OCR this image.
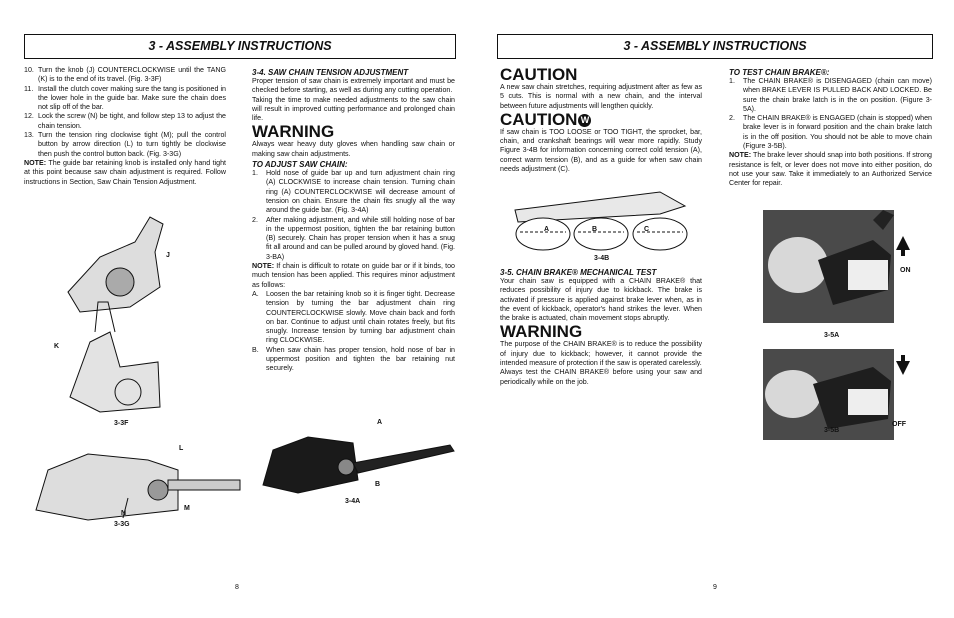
3 - ASSEMBLY INSTRUCTIONS	3 - ASSEMBLY INSTRUCTIONS
10. Turn the knob (J) COUNTERCLOCKWISE until the TANG (K) is to the end of its travel. (Fig. 3-3F)
11. Install the clutch cover making sure the tang is positioned in the lower hole in the guide bar. Make sure the chain does not slip off of the bar.
12. Lock the screw (N) be tight, and follow step 13 to adjust the chain tension.
13. Turn the tension ring clockwise tight (M); pull the control button by arrow direction (L) to turn tightly be clockwise then push the control button back. (Fig. 3-3G)
NOTE: The guide bar retaining knob is installed only hand tight at this point because saw chain adjustment is required. Follow instructions in Section, Saw Chain Tension Adjustment.
J
K
3-3F
L
M
N
3-3G
8
3-4. SAW CHAIN TENSION ADJUSTMENT
Proper tension of saw chain is extremely important and must be checked before starting, as well as during any cutting operation.
Taking the time to make needed adjustments to the saw chain will result in improved cutting performance and prolonged chain life.
WARNING
Always wear heavy duty gloves when handling saw chain or making saw chain adjustments.
TO ADJUST SAW CHAIN:
1.	Hold nose of guide bar up and turn adjustment chain ring (A) CLOCKWISE to increase chain tension. Turning chain ring (A) COUNTERCLOCKWISE will decrease amount of tension on chain. Ensure the chain fits snugly all the way around the guide bar. (Fig. 3-4A)
2.	After making adjustment, and while still holding nose of bar in the uppermost position, tighten the bar retaining button (B) securely. Chain has proper tension when it has a snug fit all around and can be pulled around by gloved hand. (Fig. 3-BA)
NOTE: If chain is difficult to rotate on guide bar or if it binds, too much tension has been applied. This requires minor adjustment as follows:
A.	Loosen the bar retaining knob so it is finger tight. Decrease tension by turning the bar adjustment chain ring COUNTERCLOCKWISE slowly. Move chain back and forth on bar. Continue to adjust until chain rotates freely, but fits snugly. Increase tension by turning bar adjustment chain ring CLOCKWISE.
B.	When saw chain has proper tension, hold nose of bar in uppermost position and tighten the bar retaining nut securely.
A
B
3-4A
CAUTION
A new saw chain stretches, requiring adjustment after as few as 5 cuts. This is normal with a new chain, and the interval between future adjustments will lengthen quickly.
CAUTION W
If saw chain is TOO LOOSE or TOO TIGHT, the sprocket, bar, chain, and crankshaft bearings will wear more rapidly. Study Figure 3-4B for information concerning correct cold tension (A), correct warm tension (B), and as a guide for when saw chain needs adjustment (C).
A	B	C
3-4B
3-5. CHAIN BRAKE® MECHANICAL TEST
Your chain saw is equipped with a CHAIN BRAKE® that reduces possibility of injury due to kickback. The brake is activated if pressure is applied against brake lever when, as in the event of kickback, operator's hand strikes the lever. When the brake is actuated, chain movement stops abruptly.
WARNING
The purpose of the CHAIN BRAKE® is to reduce the possibility of injury due to kickback; however, it cannot provide the intended measure of protection if the saw is operated carelessly.
Always test the CHAIN BRAKE® before using your saw and periodically while on the job.
9
TO TEST CHAIN BRAKE®:
1.	The CHAIN BRAKE® is DISENGAGED (chain can move) when BRAKE LEVER IS PULLED BACK AND LOCKED. Be sure the chain brake latch is in the on position. (Figure 3-5A).
2.	The CHAIN BRAKE® is ENGAGED (chain is stopped) when brake lever is in forward position and the chain brake latch is in the off position. You should not be able to move chain (Figure 3-5B).
NOTE: The brake lever should snap into both positions. If strong resistance is felt, or lever does not move into either position, do not use your saw. Take it immediately to an Authorized Service Center for repair.
ON
3-5A
OFF
3-5B
